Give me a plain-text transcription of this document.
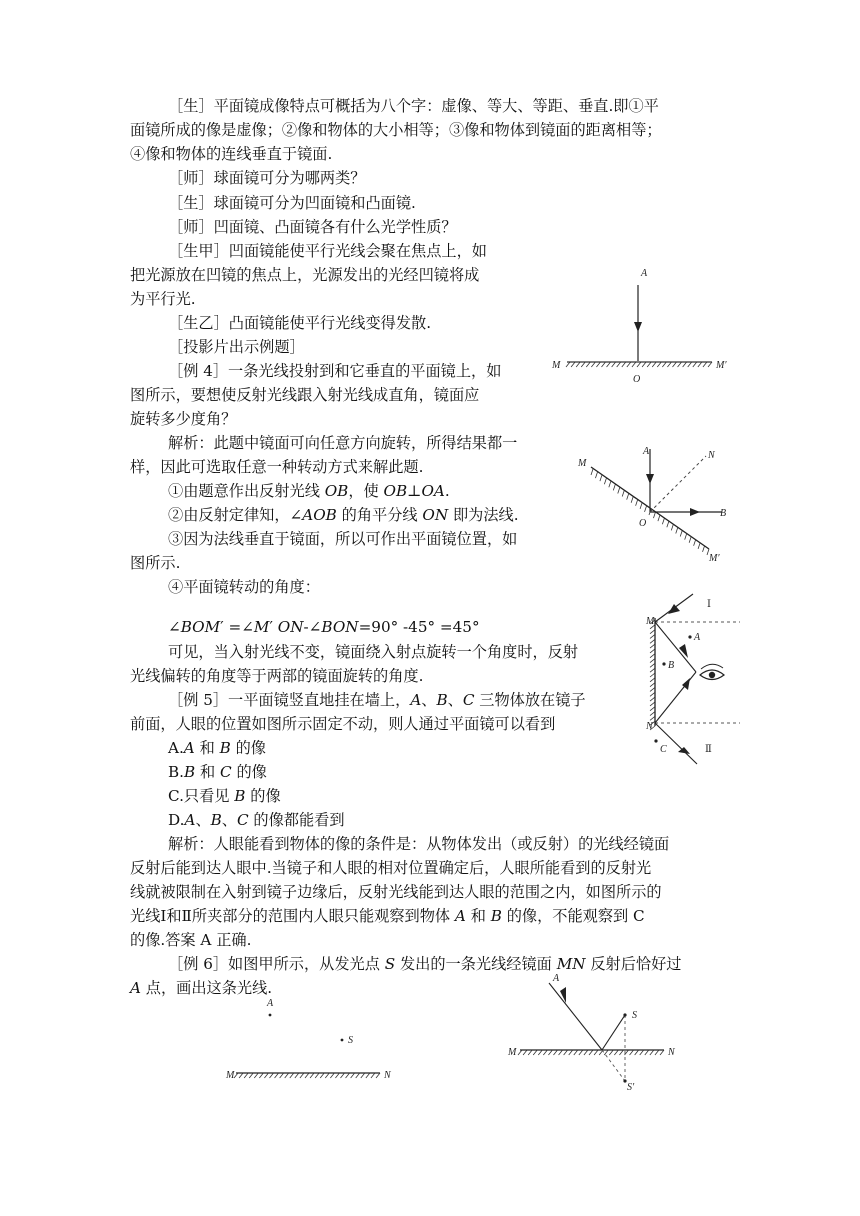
［生］平面镜成像特点可概括为八个字：虚像、等大、等距、垂直.即①平
面镜所成的像是虚像；②像和物体的大小相等；③像和物体到镜面的距离相等；
④像和物体的连线垂直于镜面.
［师］球面镜可分为哪两类？
［生］球面镜可分为凹面镜和凸面镜.
［师］凹面镜、凸面镜各有什么光学性质？
［生甲］凹面镜能使平行光线会聚在焦点上，如
把光源放在凹镜的焦点上，光源发出的光经凹镜将成
为平行光.
［生乙］凸面镜能使平行光线变得发散.
［投影片出示例题］
［例 4］一条光线投射到和它垂直的平面镜上，如
图所示，要想使反射光线跟入射光线成直角，镜面应
旋转多少度角？
解析：此题中镜面可向任意方向旋转，所得结果都一
样，因此可选取任意一种转动方式来解此题.
①由题意作出反射光线 OB，使 OB⊥OA.
②由反射定律知，∠AOB 的角平分线 ON 即为法线.
③因为法线垂直于镜面，所以可作出平面镜位置，如
图所示.
④平面镜转动的角度：
∠BOM′ =∠M′ ON-∠BON=90° -45° =45°
可见，当入射光线不变，镜面绕入射点旋转一个角度时，反射
光线偏转的角度等于两部的镜面旋转的角度.
［例 5］一平面镜竖直地挂在墙上，A、B、C 三物体放在镜子
前面，人眼的位置如图所示固定不动，则人通过平面镜可以看到
A.A 和 B 的像
B.B 和 C 的像
C.只看见 B 的像
D.A、B、C 的像都能看到
解析：人眼能看到物体的像的条件是：从物体发出（或反射）的光线经镜面
反射后能到达人眼中.当镜子和人眼的相对位置确定后，人眼所能看到的反射光
线就被限制在入射到镜子边缘后，反射光线能到达人眼的范围之内，如图所示的
光线Ⅰ和Ⅱ所夹部分的范围内人眼只能观察到物体 A 和 B 的像，不能观察到 C
的像.答案 A 正确.
［例 6］如图甲所示，从发光点 S 发出的一条光线经镜面 MN 反射后恰好过
A 点，画出这条光线.
A
M
O
M′
A	N
M
O
B
M′
Ⅰ
Ⅱ
M
N
A
B
C
A
S
M	N
A
S
M	N
S′
